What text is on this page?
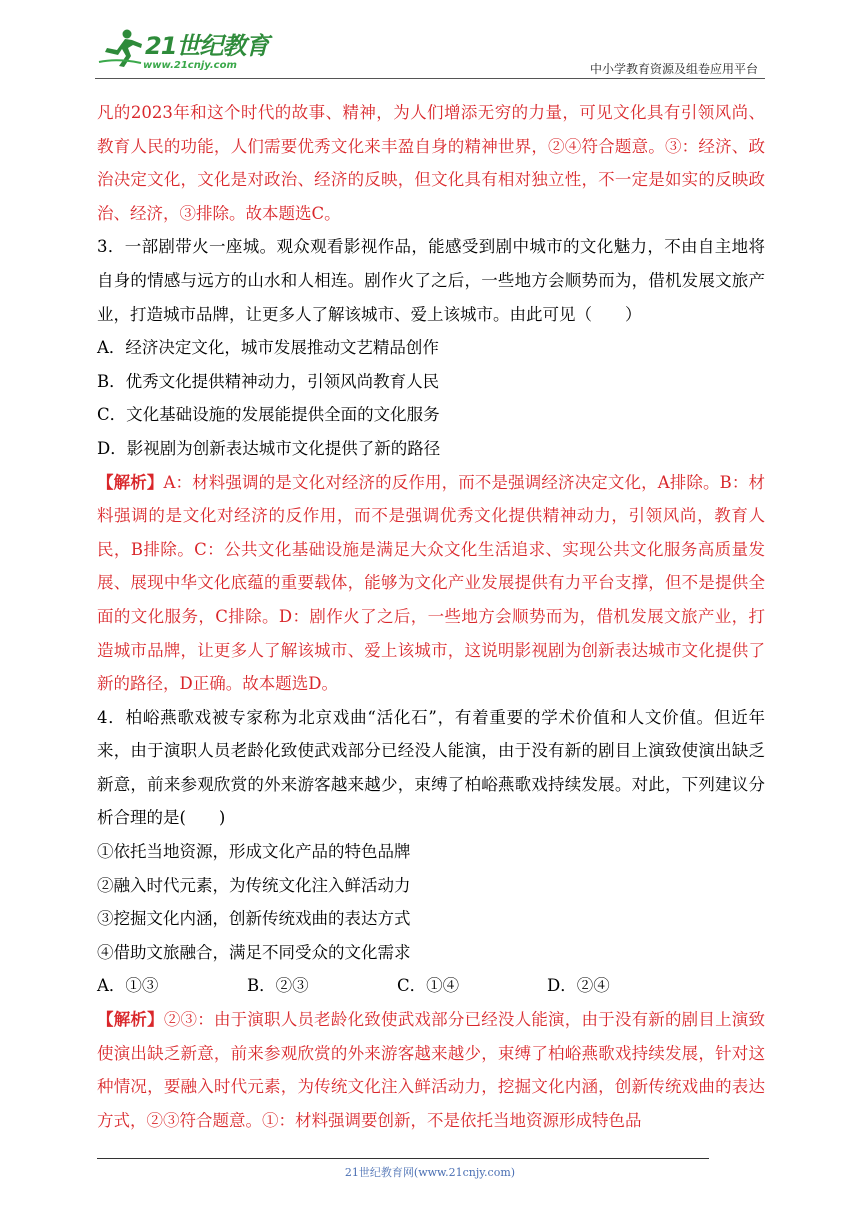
21世纪教育
www.21cnjy.com	中小学教育资源及组卷应用平台

凡的2023年和这个时代的故事、精神，为人们增添无穷的力量，可见文化具有引领风尚、教育人民的功能，人们需要优秀文化来丰盈自身的精神世界，②④符合题意。③：经济、政治决定文化，文化是对政治、经济的反映，但文化具有相对独立性，不一定是如实的反映政治、经济，③排除。故本题选C。

3．一部剧带火一座城。观众观看影视作品，能感受到剧中城市的文化魅力，不由自主地将自身的情感与远方的山水和人相连。剧作火了之后，一些地方会顺势而为，借机发展文旅产业，打造城市品牌，让更多人了解该城市、爱上该城市。由此可见（　　）

A．经济决定文化，城市发展推动文艺精品创作

B．优秀文化提供精神动力，引领风尚教育人民

C．文化基础设施的发展能提供全面的文化服务

D．影视剧为创新表达城市文化提供了新的路径

【解析】A：材料强调的是文化对经济的反作用，而不是强调经济决定文化，A排除。B：材料强调的是文化对经济的反作用，而不是强调优秀文化提供精神动力，引领风尚，教育人民，B排除。C：公共文化基础设施是满足大众文化生活追求、实现公共文化服务高质量发展、展现中华文化底蕴的重要载体，能够为文化产业发展提供有力平台支撑，但不是提供全面的文化服务，C排除。D：剧作火了之后，一些地方会顺势而为，借机发展文旅产业，打造城市品牌，让更多人了解该城市、爱上该城市，这说明影视剧为创新表达城市文化提供了新的路径，D正确。故本题选D。

4．柏峪燕歌戏被专家称为北京戏曲“活化石”，有着重要的学术价值和人文价值。但近年来，由于演职人员老龄化致使武戏部分已经没人能演，由于没有新的剧目上演致使演出缺乏新意，前来参观欣赏的外来游客越来越少，束缚了柏峪燕歌戏持续发展。对此，下列建议分析合理的是(　　)

①依托当地资源，形成文化产品的特色品牌

②融入时代元素，为传统文化注入鲜活动力

③挖掘文化内涵，创新传统戏曲的表达方式

④借助文旅融合，满足不同受众的文化需求

A．①③	B．②③	C．①④	D．②④

【解析】②③：由于演职人员老龄化致使武戏部分已经没人能演，由于没有新的剧目上演致使演出缺乏新意，前来参观欣赏的外来游客越来越少，束缚了柏峪燕歌戏持续发展，针对这种情况，要融入时代元素，为传统文化注入鲜活动力，挖掘文化内涵，创新传统戏曲的表达方式，②③符合题意。①：材料强调要创新，不是依托当地资源形成特色品

21世纪教育网(www.21cnjy.com)
